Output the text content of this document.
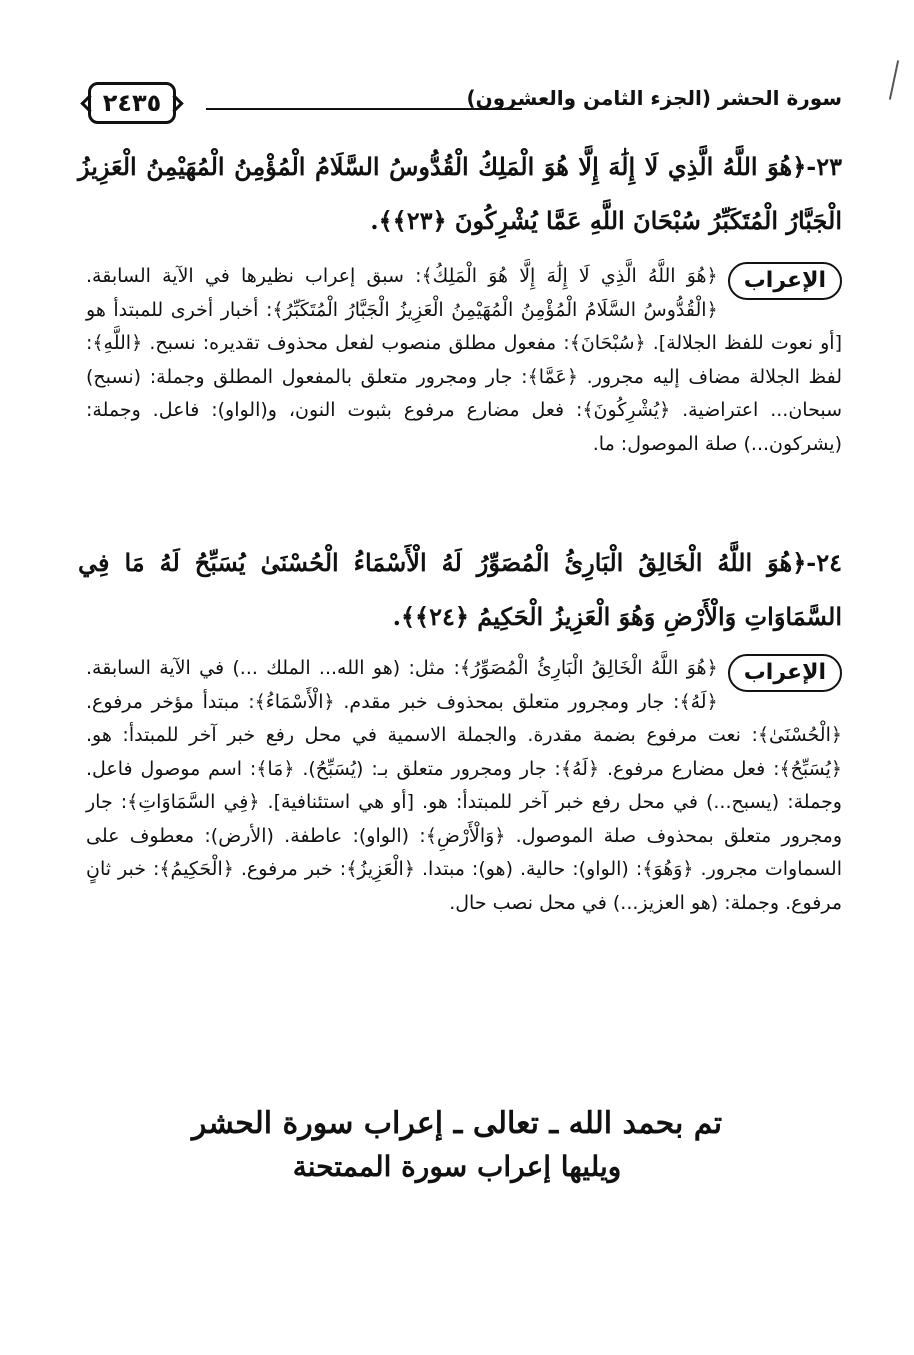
٢٤٣٥	سورة الحشر (الجزء الثامن والعشرون)
٢٣-﴿هُوَ اللَّهُ الَّذِي لَا إِلَٰهَ إِلَّا هُوَ الْمَلِكُ الْقُدُّوسُ السَّلَامُ الْمُؤْمِنُ الْمُهَيْمِنُ الْعَزِيزُ الْجَبَّارُ الْمُتَكَبِّرُ سُبْحَانَ اللَّهِ عَمَّا يُشْرِكُونَ ﴿٢٣﴾﴾.
الإعراب

﴿هُوَ اللَّهُ الَّذِي لَا إِلَٰهَ إِلَّا هُوَ الْمَلِكُ﴾: سبق إعراب نظيرها في الآية السابقة. ﴿الْقُدُّوسُ السَّلَامُ الْمُؤْمِنُ الْمُهَيْمِنُ الْعَزِيزُ الْجَبَّارُ الْمُتَكَبِّرُ﴾: أخبار أخرى للمبتدأ هو [أو نعوت للفظ الجلالة]. ﴿سُبْحَانَ﴾: مفعول مطلق منصوب لفعل محذوف تقديره: نسبح. ﴿اللَّهِ﴾: لفظ الجلالة مضاف إليه مجرور. ﴿عَمَّا﴾: جار ومجرور متعلق بالمفعول المطلق وجملة: (نسبح) سبحان... اعتراضية. ﴿يُشْرِكُونَ﴾: فعل مضارع مرفوع بثبوت النون، و(الواو): فاعل. وجملة: (يشركون...) صلة الموصول: ما.

٢٤-﴿هُوَ اللَّهُ الْخَالِقُ الْبَارِئُ الْمُصَوِّرُ لَهُ الْأَسْمَاءُ الْحُسْنَىٰ يُسَبِّحُ لَهُ مَا فِي السَّمَاوَاتِ وَالْأَرْضِ وَهُوَ الْعَزِيزُ الْحَكِيمُ ﴿٢٤﴾﴾.
الإعراب

﴿هُوَ اللَّهُ الْخَالِقُ الْبَارِئُ الْمُصَوِّرُ﴾: مثل: (هو الله... الملك ...) في الآية السابقة. ﴿لَهُ﴾: جار ومجرور متعلق بمحذوف خبر مقدم. ﴿الْأَسْمَاءُ﴾: مبتدأ مؤخر مرفوع. ﴿الْحُسْنَىٰ﴾: نعت مرفوع بضمة مقدرة. والجملة الاسمية في محل رفع خبر آخر للمبتدأ: هو. ﴿يُسَبِّحُ﴾: فعل مضارع مرفوع. ﴿لَهُ﴾: جار ومجرور متعلق بـ: (يُسَبِّحُ). ﴿مَا﴾: اسم موصول فاعل. وجملة: (يسبح...) في محل رفع خبر آخر للمبتدأ: هو. [أو هي استئنافية]. ﴿فِي السَّمَاوَاتِ﴾: جار ومجرور متعلق بمحذوف صلة الموصول. ﴿وَالْأَرْضِ﴾: (الواو): عاطفة. (الأرض): معطوف على السماوات مجرور. ﴿وَهُوَ﴾: (الواو): حالية. (هو): مبتدا. ﴿الْعَزِيزُ﴾: خبر مرفوع. ﴿الْحَكِيمُ﴾: خبر ثانٍ مرفوع. وجملة: (هو العزيز...) في محل نصب حال.

تم بحمد الله ـ تعالى ـ إعراب سورة الحشر
ويليها إعراب سورة الممتحنة
